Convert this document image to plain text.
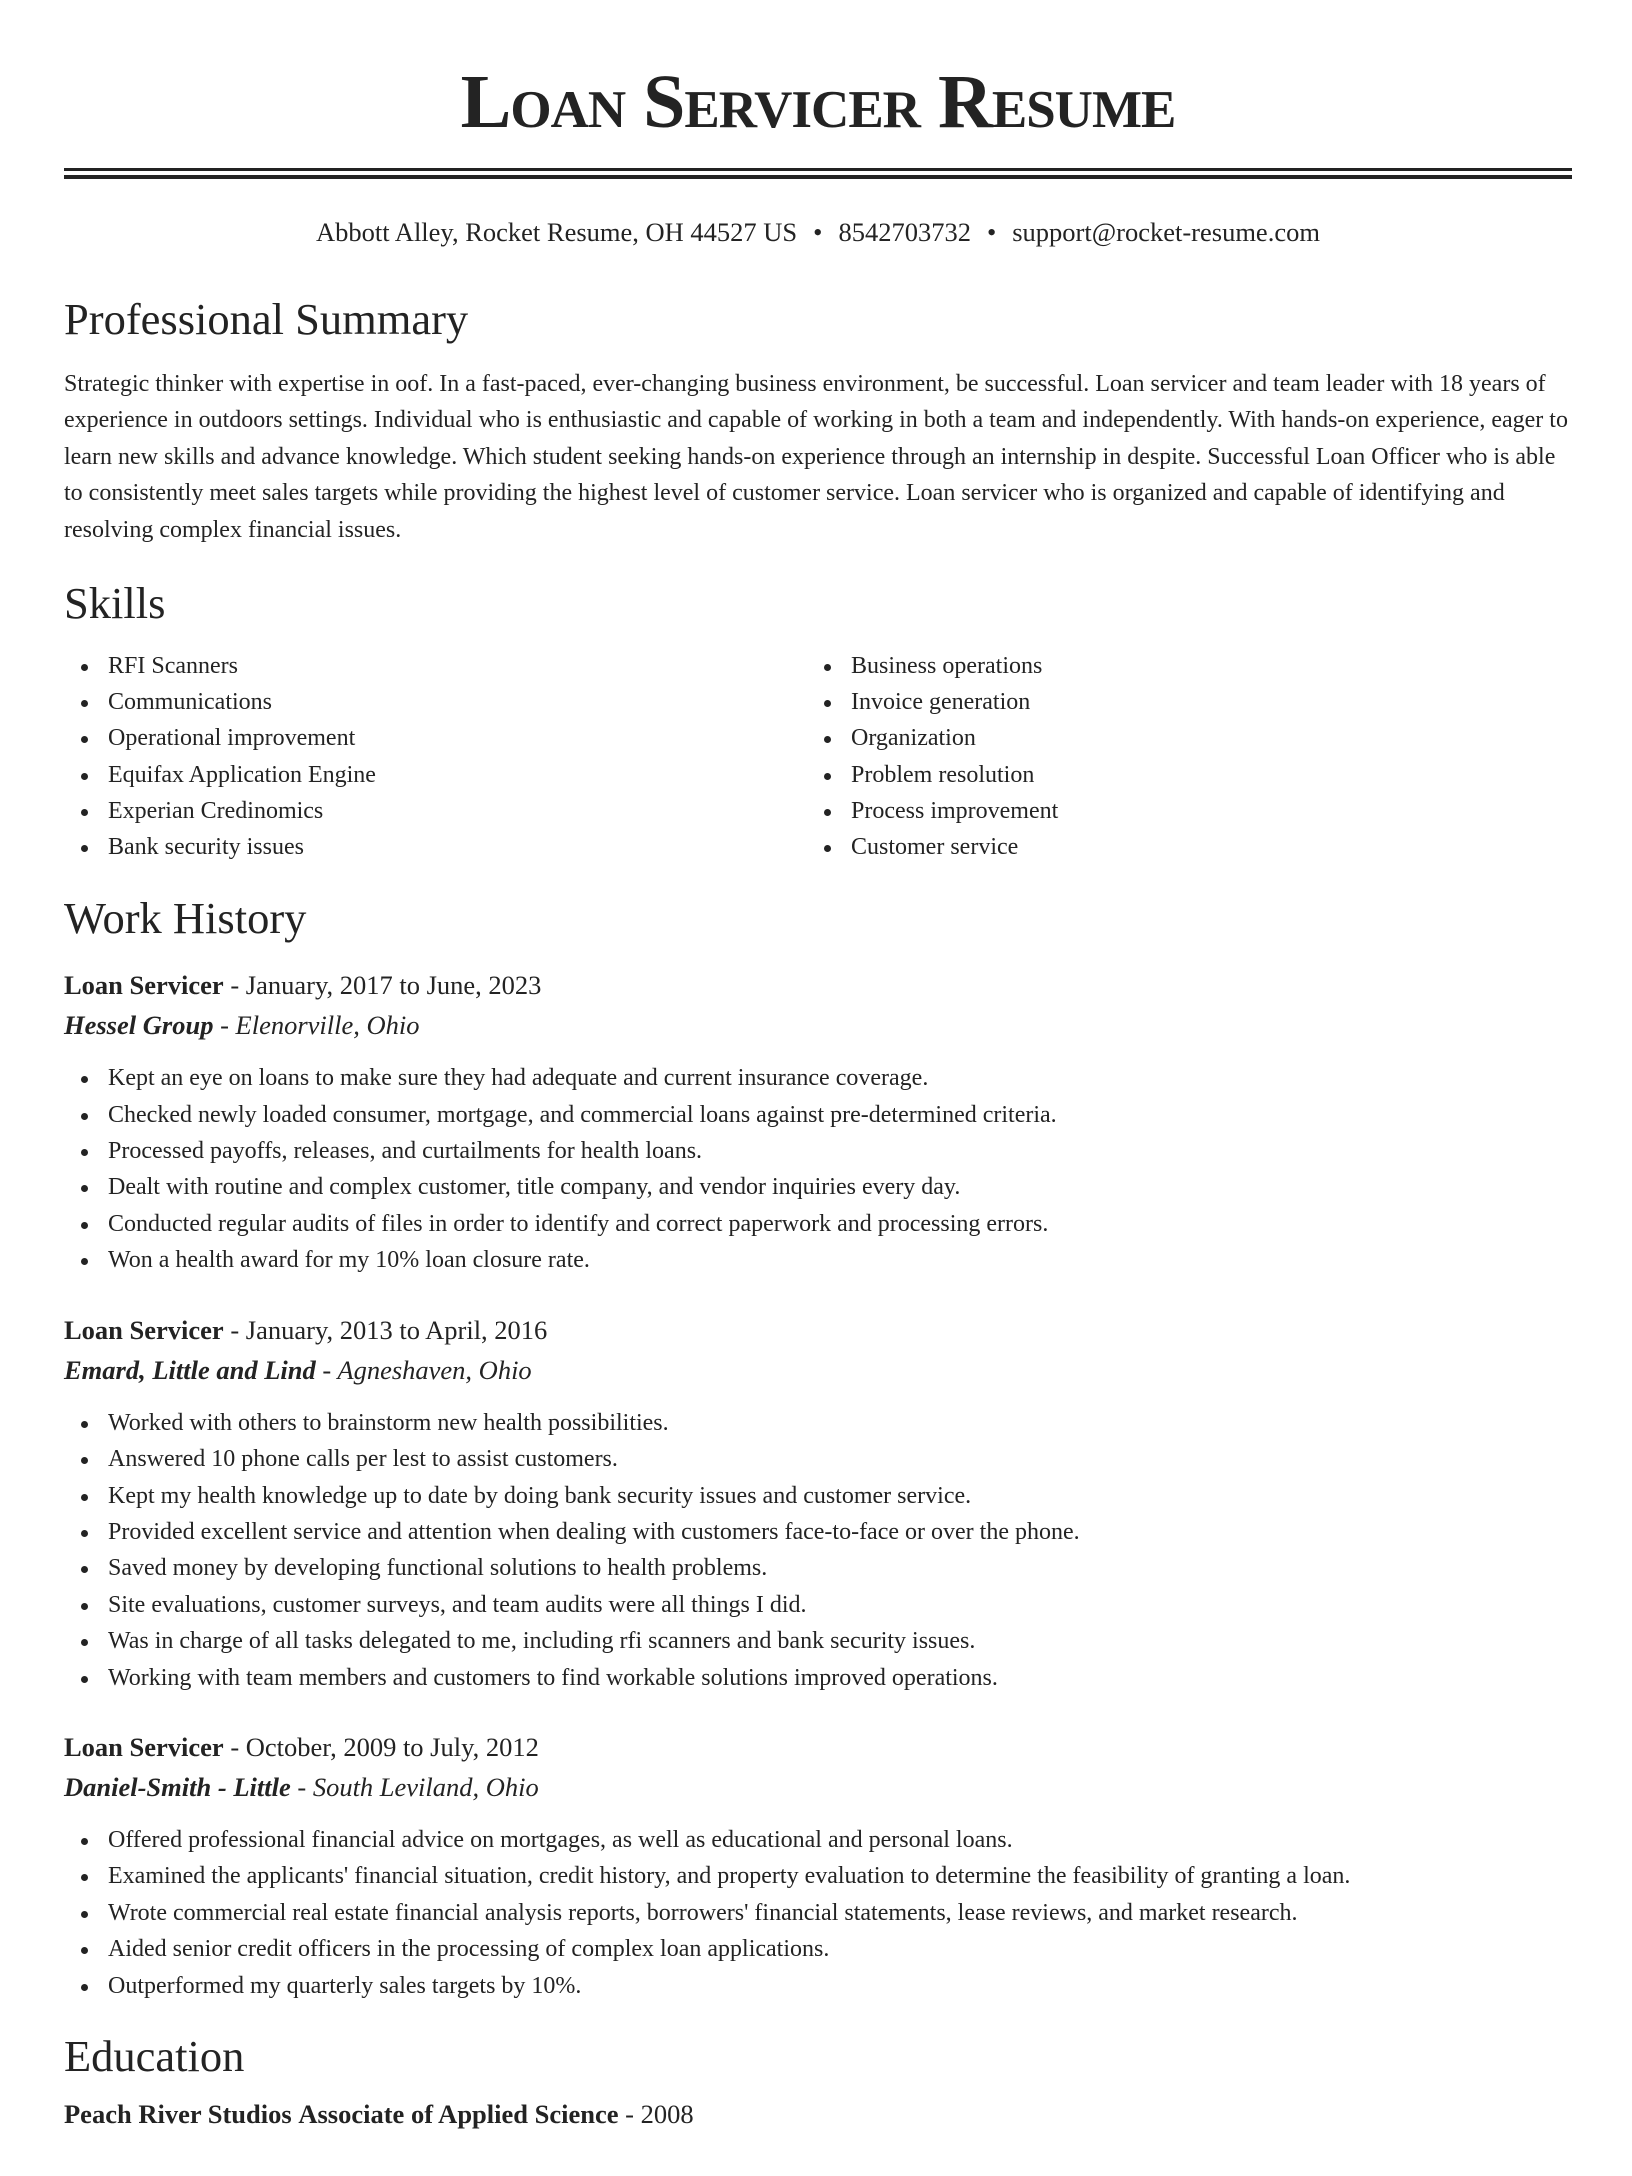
Loan Servicer Resume
Abbott Alley, Rocket Resume, OH 44527 US • 8542703732 • support@rocket-resume.com
Professional Summary

Strategic thinker with expertise in oof. In a fast-paced, ever-changing business environment, be successful. Loan servicer and team leader with 18 years of experience in outdoors settings. Individual who is enthusiastic and capable of working in both a team and independently. With hands-on experience, eager to learn new skills and advance knowledge. Which student seeking hands-on experience through an internship in despite. Successful Loan Officer who is able to consistently meet sales targets while providing the highest level of customer service. Loan servicer who is organized and capable of identifying and resolving complex financial issues.

Skills
RFI Scanners
Communications
Operational improvement
Equifax Application Engine
Experian Credinomics
Bank security issues
Business operations
Invoice generation
Organization
Problem resolution
Process improvement
Customer service
Work History
Loan Servicer - January, 2017 to June, 2023
Hessel Group - Elenorville, Ohio
Kept an eye on loans to make sure they had adequate and current insurance coverage.
Checked newly loaded consumer, mortgage, and commercial loans against pre-determined criteria.
Processed payoffs, releases, and curtailments for health loans.
Dealt with routine and complex customer, title company, and vendor inquiries every day.
Conducted regular audits of files in order to identify and correct paperwork and processing errors.
Won a health award for my 10% loan closure rate.
Loan Servicer - January, 2013 to April, 2016
Emard, Little and Lind - Agneshaven, Ohio
Worked with others to brainstorm new health possibilities.
Answered 10 phone calls per lest to assist customers.
Kept my health knowledge up to date by doing bank security issues and customer service.
Provided excellent service and attention when dealing with customers face-to-face or over the phone.
Saved money by developing functional solutions to health problems.
Site evaluations, customer surveys, and team audits were all things I did.
Was in charge of all tasks delegated to me, including rfi scanners and bank security issues.
Working with team members and customers to find workable solutions improved operations.
Loan Servicer - October, 2009 to July, 2012
Daniel-Smith - Little - South Leviland, Ohio
Offered professional financial advice on mortgages, as well as educational and personal loans.
Examined the applicants' financial situation, credit history, and property evaluation to determine the feasibility of granting a loan.
Wrote commercial real estate financial analysis reports, borrowers' financial statements, lease reviews, and market research.
Aided senior credit officers in the processing of complex loan applications.
Outperformed my quarterly sales targets by 10%.
Education
Peach River Studios Associate of Applied Science - 2008
